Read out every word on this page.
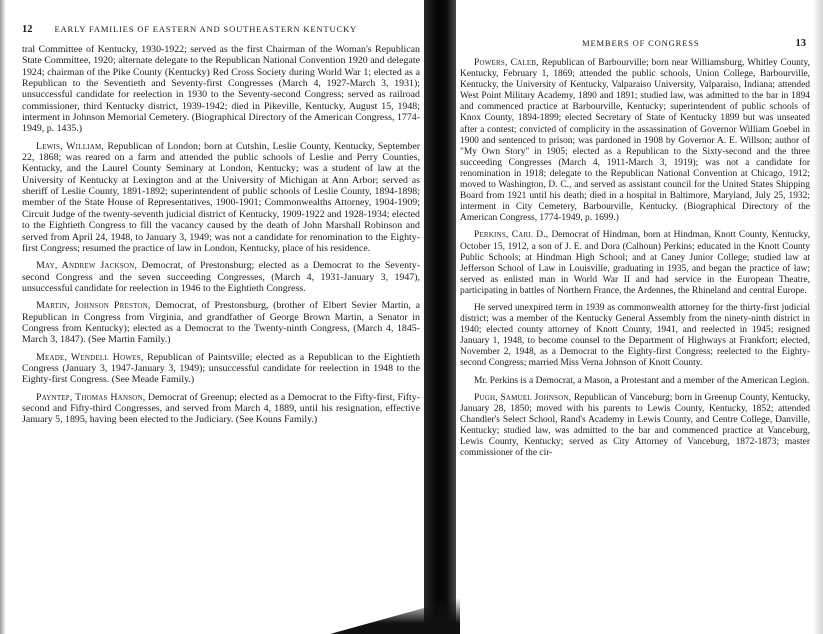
12	EARLY FAMILIES OF EASTERN AND SOUTHEASTERN KENTUCKY

tral Committee of Kentucky, 1930-1922; served as the first Chairman of the Woman's Republican State Committee, 1920; alternate delegate to the Republican National Convention 1920 and delegate 1924; chairman of the Pike County (Kentucky) Red Cross Society during World War 1; elected as a Republican to the Seventieth and Seventy-first Congresses (March 4, 1927-March 3, 1931); unsuccessful candidate for reelection in 1930 to the Seventy-second Congress; served as railroad commissioner, third Kentucky district, 1939-1942; died in Pikeville, Kentucky, August 15, 1948; interment in Johnson Memorial Cemetery. (Biographical Directory of the American Congress, 1774-1949, p. 1435.)

Lewis, William, Republican of London; born at Cutshin, Leslie County, Kentucky, September 22, 1868; was reared on a farm and attended the public schools of Leslie and Perry Counties, Kentucky, and the Laurel County Seminary at London, Kentucky; was a student of law at the University of Kentucky at Lexington and at the University of Michigan at Ann Arbor; served as sheriff of Leslie County, 1891-1892; superintendent of public schools of Leslie County, 1894-1898; member of the State House of Representatives, 1900-1901; Commonwealths Attorney, 1904-1909; Circuit Judge of the twenty-seventh judicial district of Kentucky, 1909-1922 and 1928-1934; elected to the Eightieth Congress to fill the vacancy caused by the death of John Marshall Robinson and served from April 24, 1948, to January 3, 1949; was not a candidate for renomination to the Eighty-first Congress; resumed the practice of law in London, Kentucky, place of his residence.

May, Andrew Jackson, Democrat, of Prestonsburg; elected as a Democrat to the Seventy-second Congress and the seven succeeding Congresses, (March 4, 1931-January 3, 1947), unsuccessful candidate for reelection in 1946 to the Eightieth Congress.

Martin, Johnson Preston, Democrat, of Prestonsburg, (brother of Elbert Sevier Martin, a Republican in Congress from Virginia, and grandfather of George Brown Martin, a Senator in Congress from Kentucky); elected as a Democrat to the Twenty-ninth Congress, (March 4, 1845-March 3, 1847). (See Martin Family.)

Meade, Wendell Howes, Republican of Paintsville; elected as a Republican to the Eightieth Congress (January 3, 1947-January 3, 1949); unsuccessful candidate for reelection in 1948 to the Eighty-first Congress. (See Meade Family.)

Payntep, Thomas Hanson, Democrat of Greenup; elected as a Democrat to the Fifty-first, Fifty-second and Fifty-third Congresses, and served from March 4, 1889, until his resignation, effective January 5, 1895, having been elected to the Judiciary. (See Kouns Family.)

MEMBERS OF CONGRESS	13

Powers, Caleb, Republican of Barbourville; born near Williamsburg, Whitley County, Kentucky, February 1, 1869; attended the public schools, Union College, Barbourville, Kentucky, the University of Kentucky, Valparaiso University, Valparaiso, Indiana; attended West Point Military Academy, 1890 and 1891; studied law, was admitted to the bar in 1894 and commenced practice at Barbourville, Kentucky; superintendent of public schools of Knox County, 1894-1899; elected Secretary of State of Kentucky 1899 but was unseated after a contest; convicted of complicity in the assassination of Governor William Goebel in 1900 and sentenced to prison; was pardoned in 1908 by Governor A. E. Willson; author of "My Own Story" in 1905; elected as a Republican to the Sixty-second and the three succeeding Congresses (March 4, 1911-March 3, 1919); was not a candidate for renomination in 1918; delegate to the Republican National Convention at Chicago, 1912; moved to Washington, D. C., and served as assistant council for the United States Shipping Board from 1921 until his death; died in a hospital in Baltimore, Maryland, July 25, 1932; interment in City Cemetery, Barbourville, Kentucky. (Biographical Directory of the American Congress, 1774-1949, p. 1699.)

Perkins, Carl D., Democrat of Hindman, born at Hindman, Knott County, Kentucky, October 15, 1912, a son of J. E. and Dora (Calhoun) Perkins; educated in the Knott County Public Schools; at Hindman High School; and at Caney Junior College; studied law at Jefferson School of Law in Louisville, graduating in 1935, and began the practice of law; served as enlisted man in World War II and had service in the European Theatre, participating in battles of Northern France, the Ardennes, the Rhineland and central Europe.

He served unexpired term in 1939 as commonwealth attorney for the thirty-first judicial district; was a member of the Kentucky General Assembly from the ninety-ninth district in 1940; elected county attorney of Knott County, 1941, and reelected in 1945; resigned January 1, 1948, to become counsel to the Department of Highways at Frankfort; elected, November 2, 1948, as a Democrat to the Eighty-first Congress; reelected to the Eighty-second Congress; married Miss Verna Johnson of Knott County.

Mr. Perkins is a Democrat, a Mason, a Protestant and a member of the American Legion.

Pugh, Samuel Johnson, Republican of Vanceburg; born in Greenup County, Kentucky, January 28, 1850; moved with his parents to Lewis County, Kentucky, 1852; attended Chandler's Select School, Rand's Academy in Lewis County, and Centre College, Danville, Kentucky; studied law, was admitted to the bar and commenced practice at Vanceburg, Lewis County, Kentucky; served as City Attorney of Vanceburg, 1872-1873; master commissioner of the cir-
